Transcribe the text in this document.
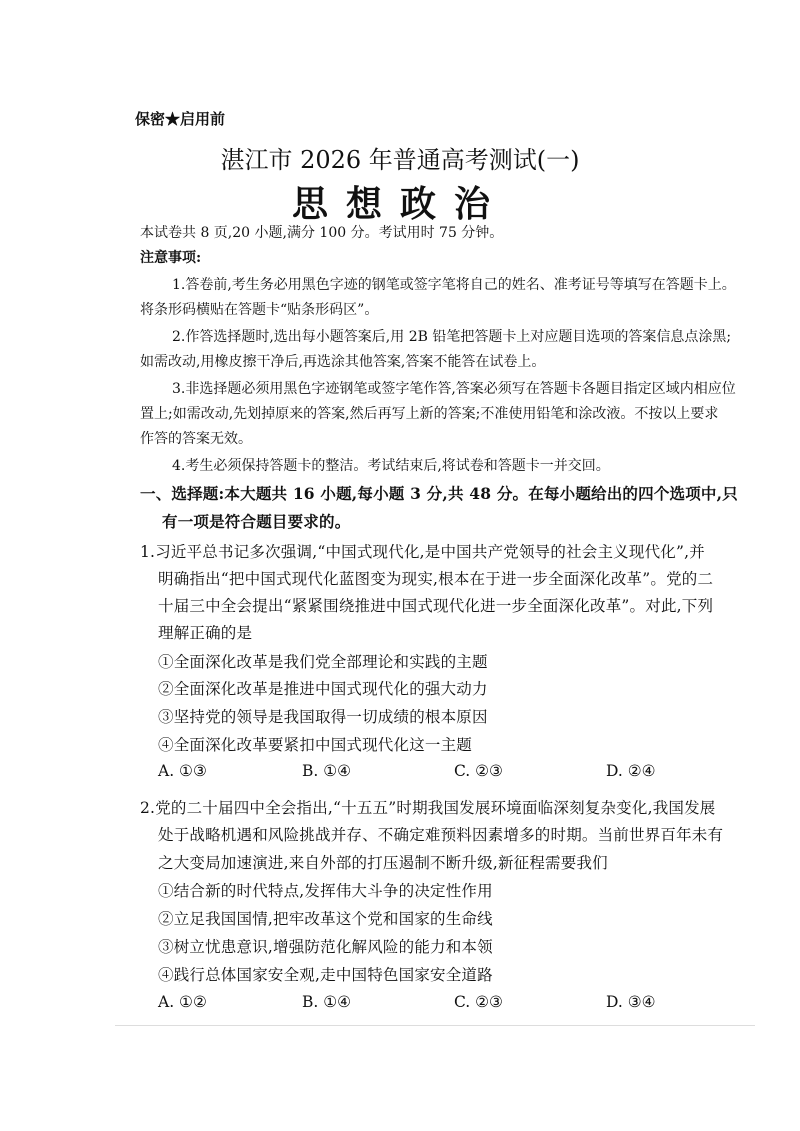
保密★启用前
湛江市 2026 年普通高考测试(一)
思想政治
本试卷共 8 页,20 小题,满分 100 分。考试用时 75 分钟。
注意事项:
1.答卷前,考生务必用黑色字迹的钢笔或签字笔将自己的姓名、准考证号等填写在答题卡上。
将条形码横贴在答题卡“贴条形码区”。
2.作答选择题时,选出每小题答案后,用 2B 铅笔把答题卡上对应题目选项的答案信息点涂黑;
如需改动,用橡皮擦干净后,再选涂其他答案,答案不能答在试卷上。
3.非选择题必须用黑色字迹钢笔或签字笔作答,答案必须写在答题卡各题目指定区域内相应位
置上;如需改动,先划掉原来的答案,然后再写上新的答案;不准使用铅笔和涂改液。不按以上要求
作答的答案无效。
4.考生必须保持答题卡的整洁。考试结束后,将试卷和答题卡一并交回。
一、选择题:本大题共 16 小题,每小题 3 分,共 48 分。在每小题给出的四个选项中,只
有一项是符合题目要求的。
1.习近平总书记多次强调,“中国式现代化,是中国共产党领导的社会主义现代化”,并
明确指出“把中国式现代化蓝图变为现实,根本在于进一步全面深化改革”。党的二
十届三中全会提出“紧紧围绕推进中国式现代化进一步全面深化改革”。对此,下列
理解正确的是
①全面深化改革是我们党全部理论和实践的主题
②全面深化改革是推进中国式现代化的强大动力
③坚持党的领导是我国取得一切成绩的根本原因
④全面深化改革要紧扣中国式现代化这一主题
A. ①③	B. ①④	C. ②③	D. ②④
2.党的二十届四中全会指出,“十五五”时期我国发展环境面临深刻复杂变化,我国发展
处于战略机遇和风险挑战并存、不确定难预料因素增多的时期。当前世界百年未有
之大变局加速演进,来自外部的打压遏制不断升级,新征程需要我们
①结合新的时代特点,发挥伟大斗争的决定性作用
②立足我国国情,把牢改革这个党和国家的生命线
③树立忧患意识,增强防范化解风险的能力和本领
④践行总体国家安全观,走中国特色国家安全道路
A. ①②	B. ①④	C. ②③	D. ③④
